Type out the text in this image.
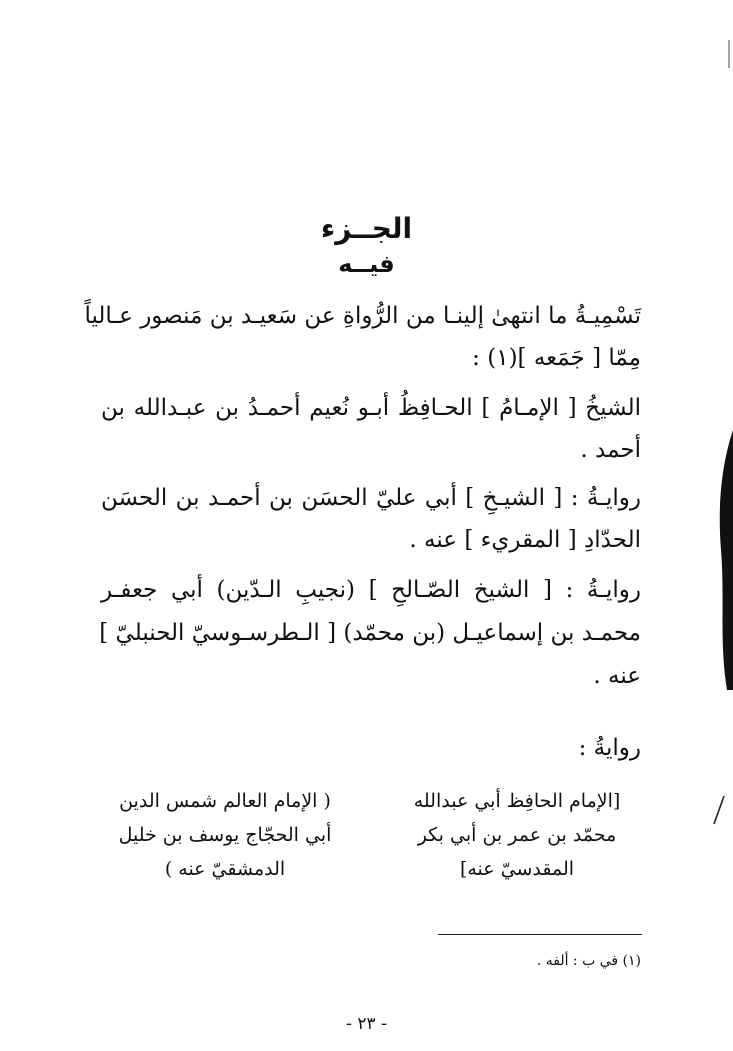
الجــزء
فيــه
تَسْمِيـةُ ما انتهىٰ إلينـا من الرُّواةِ عن سَعيـد بن مَنصور عـالياً
مِمّا [ جَمَعه ](١) :
الشيخُ [ الإمـامُ ] الحـافِظُ أبـو نُعيم أحمـدُ بن عبـدالله بن
أحمد .
روايـةُ : [ الشيـخِ ] أبي عليّ الحسَن بن أحمـد بن الحسَن
الحدّادِ [ المقريء ] عنه .
روايـةُ : [ الشيخ الصّـالحِ ] (نجيبِ الـدّين) أبي جعفـر
محمـد بن إسماعيـل (بن محمّد) [ الـطرسـوسيّ الحنبليّ ]
عنه .
روايةُ :
[الإمام الحافِظ أبي عبدالله
محمّد بن عمر بن أبي بكر
المقدسيّ عنه]
( الإمام العالم شمس الدين
أبي الحجّاج يوسف بن خليل
الدمشقيّ عنه )
(١) في ب : ألفه .
- ٢٣ -
